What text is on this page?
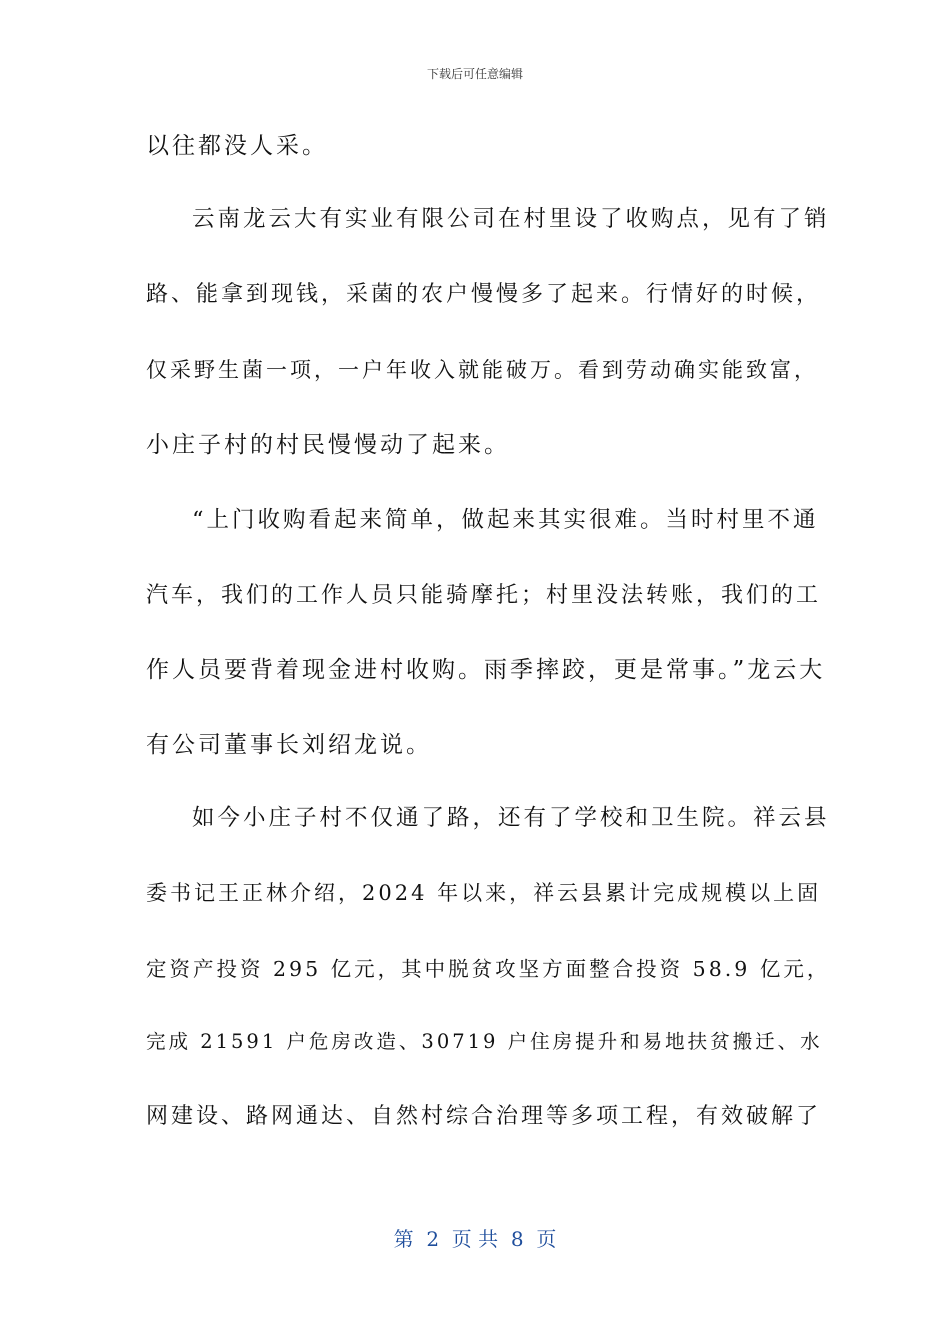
下载后可任意编辑
以往都没人采。
云南龙云大有实业有限公司在村里设了收购点，见有了销
路、能拿到现钱，采菌的农户慢慢多了起来。行情好的时候，
仅采野生菌一项，一户年收入就能破万。看到劳动确实能致富，
小庄子村的村民慢慢动了起来。
“上门收购看起来简单，做起来其实很难。当时村里不通
汽车，我们的工作人员只能骑摩托；村里没法转账，我们的工
作人员要背着现金进村收购。雨季摔跤，更是常事。”龙云大
有公司董事长刘绍龙说。
如今小庄子村不仅通了路，还有了学校和卫生院。祥云县
委书记王正林介绍，2024 年以来，祥云县累计完成规模以上固
定资产投资 295 亿元，其中脱贫攻坚方面整合投资 58.9 亿元，
完成 21591 户危房改造、30719 户住房提升和易地扶贫搬迁、水
网建设、路网通达、自然村综合治理等多项工程，有效破解了
第  2  页 共  8  页
